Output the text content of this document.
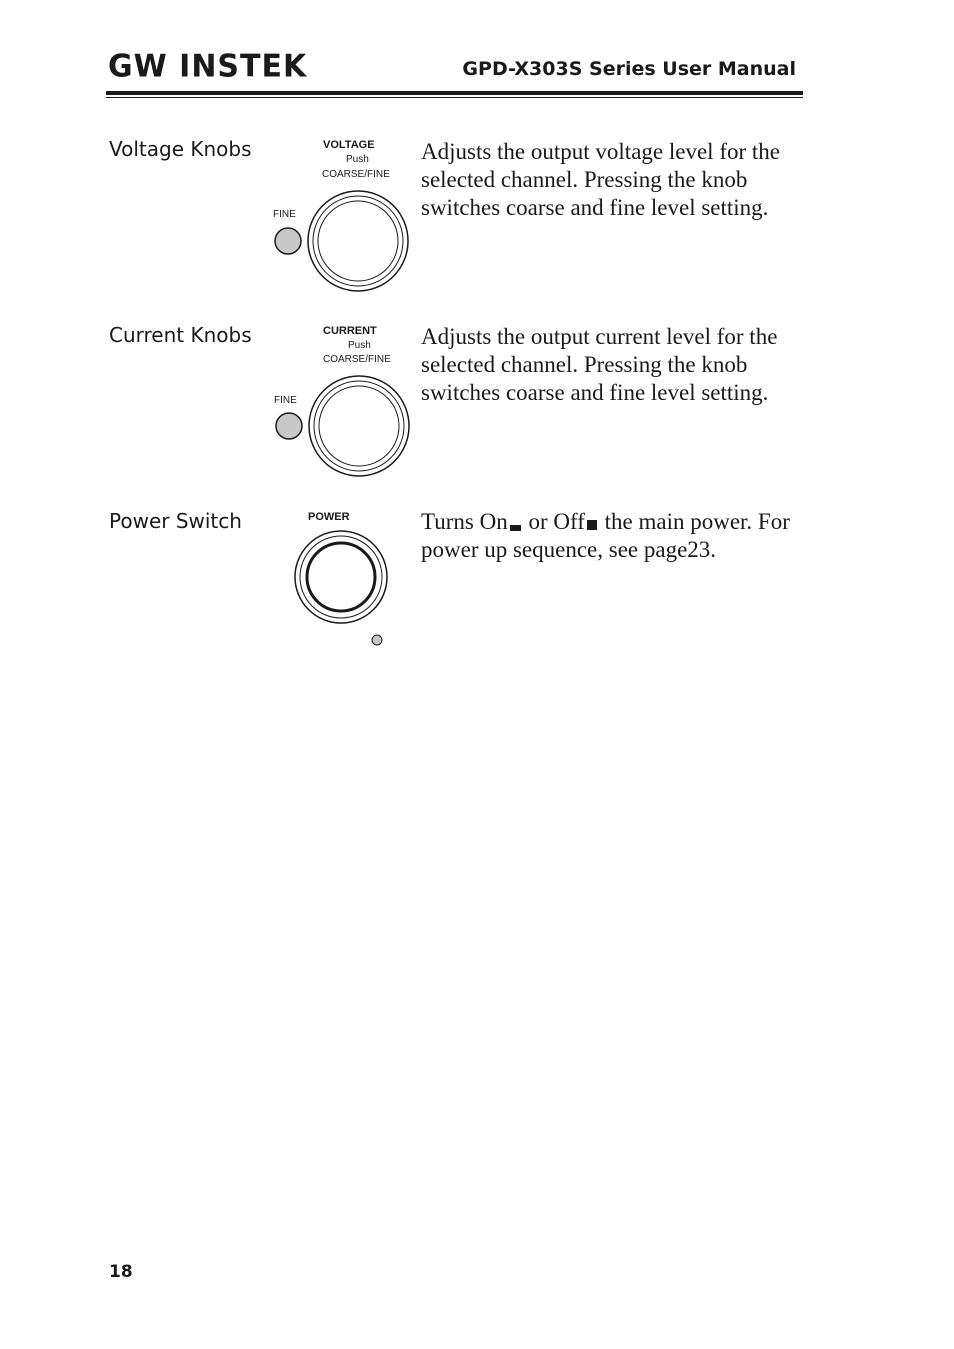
GW INSTEK	GPD-X303S Series User Manual
Voltage Knobs	VOLTAGE
Push
COARSE/FINE
FINE

Adjusts the output voltage level for the selected channel. Pressing the knob switches coarse and fine level setting.

Current Knobs	CURRENT
Push
COARSE/FINE
FINE

Adjusts the output current level for the selected channel. Pressing the knob switches coarse and fine level setting.

Power Switch	POWER	Turns On or Off the main power. For power up sequence, see page23.

18
